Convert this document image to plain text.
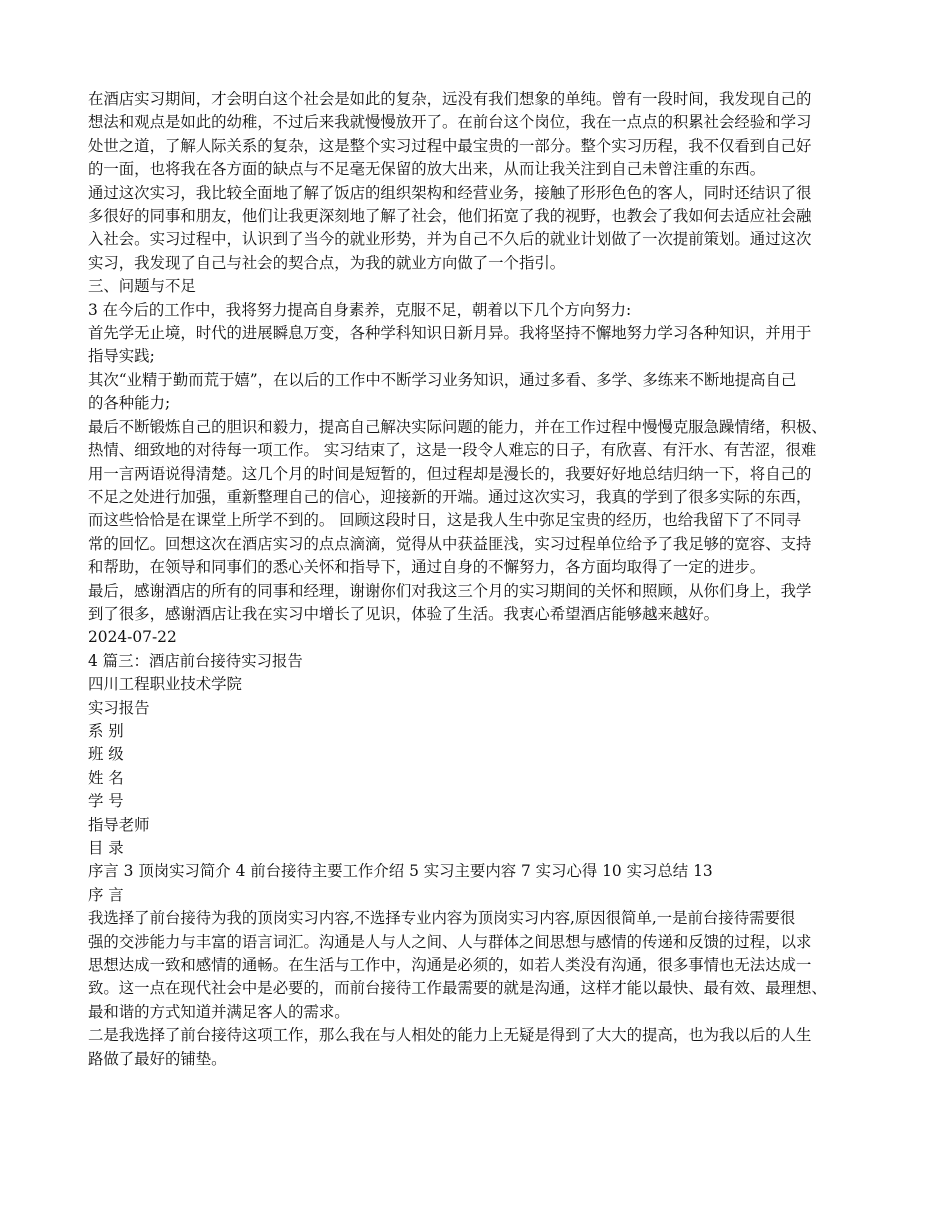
在酒店实习期间，才会明白这个社会是如此的复杂，远没有我们想象的单纯。曾有一段时间，我发现自己的
想法和观点是如此的幼稚，不过后来我就慢慢放开了。在前台这个岗位，我在一点点的积累社会经验和学习
处世之道，了解人际关系的复杂，这是整个实习过程中最宝贵的一部分。整个实习历程，我不仅看到自己好
的一面，也将我在各方面的缺点与不足毫无保留的放大出来，从而让我关注到自己未曾注重的东西。
通过这次实习，我比较全面地了解了饭店的组织架构和经营业务，接触了形形色色的客人，同时还结识了很
多很好的同事和朋友，他们让我更深刻地了解了社会，他们拓宽了我的视野，也教会了我如何去适应社会融
入社会。实习过程中，认识到了当今的就业形势，并为自己不久后的就业计划做了一次提前策划。通过这次
实习，我发现了自己与社会的契合点，为我的就业方向做了一个指引。
三、问题与不足
3 在今后的工作中，我将努力提高自身素养，克服不足，朝着以下几个方向努力:
首先学无止境，时代的进展瞬息万变，各种学科知识日新月异。我将坚持不懈地努力学习各种知识，并用于
指导实践;
其次“业精于勤而荒于嬉”，在以后的工作中不断学习业务知识，通过多看、多学、多练来不断地提高自己
的各种能力;
最后不断锻炼自己的胆识和毅力，提高自己解决实际问题的能力，并在工作过程中慢慢克服急躁情绪，积极、
热情、细致地的对待每一项工作。 实习结束了，这是一段令人难忘的日子，有欣喜、有汗水、有苦涩，很难
用一言两语说得清楚。这几个月的时间是短暂的，但过程却是漫长的，我要好好地总结归纳一下，将自己的
不足之处进行加强，重新整理自己的信心，迎接新的开端。通过这次实习，我真的学到了很多实际的东西，
而这些恰恰是在课堂上所学不到的。 回顾这段时日，这是我人生中弥足宝贵的经历，也给我留下了不同寻
常的回忆。回想这次在酒店实习的点点滴滴，觉得从中获益匪浅，实习过程单位给予了我足够的宽容、支持
和帮助，在领导和同事们的悉心关怀和指导下，通过自身的不懈努力，各方面均取得了一定的进步。
最后，感谢酒店的所有的同事和经理，谢谢你们对我这三个月的实习期间的关怀和照顾，从你们身上，我学
到了很多，感谢酒店让我在实习中增长了见识，体验了生活。我衷心希望酒店能够越来越好。
2024-07-22
4 篇三：酒店前台接待实习报告
四川工程职业技术学院
实习报告
系 别
班 级
姓 名
学 号
指导老师
目 录
序言 3 顶岗实习简介 4 前台接待主要工作介绍 5 实习主要内容 7 实习心得 10 实习总结 13
序 言
我选择了前台接待为我的顶岗实习内容,不选择专业内容为顶岗实习内容,原因很简单,一是前台接待需要很
强的交涉能力与丰富的语言词汇。沟通是人与人之间、人与群体之间思想与感情的传递和反馈的过程，以求
思想达成一致和感情的通畅。在生活与工作中，沟通是必须的，如若人类没有沟通，很多事情也无法达成一
致。这一点在现代社会中是必要的，而前台接待工作最需要的就是沟通，这样才能以最快、最有效、最理想、
最和谐的方式知道并满足客人的需求。
二是我选择了前台接待这项工作，那么我在与人相处的能力上无疑是得到了大大的提高，也为我以后的人生
路做了最好的铺垫。
